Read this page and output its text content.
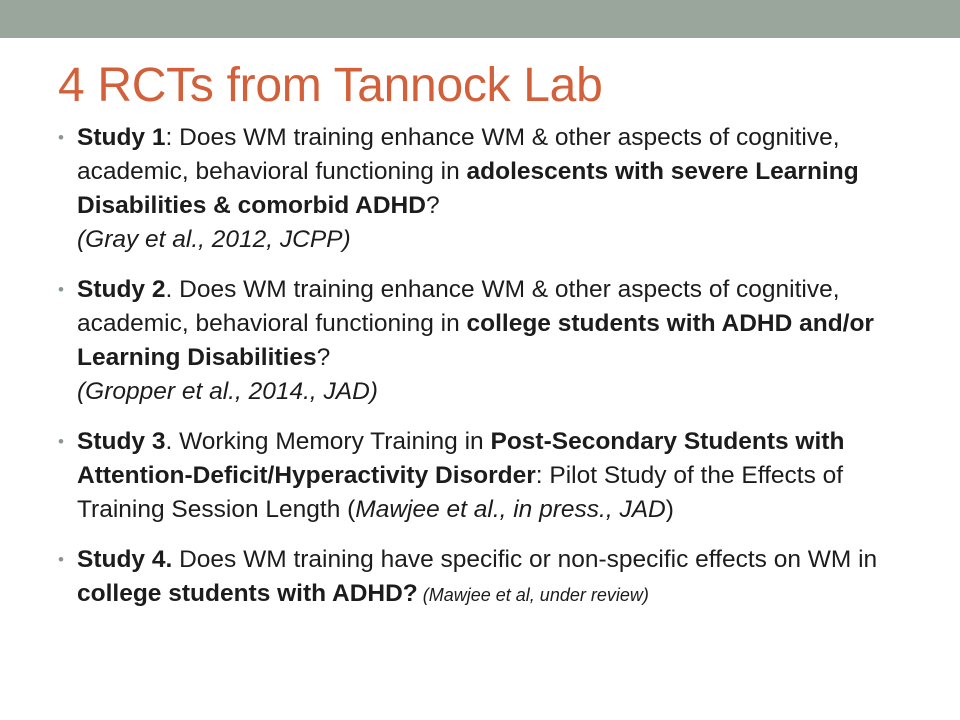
4 RCTs from Tannock Lab
• Study 1: Does WM training enhance WM & other aspects of cognitive, academic, behavioral functioning in adolescents with severe Learning Disabilities & comorbid ADHD?
(Gray et al., 2012, JCPP)
• Study 2. Does WM training enhance WM & other aspects of cognitive, academic, behavioral functioning in college students with ADHD and/or Learning Disabilities?
(Gropper et al., 2014., JAD)
• Study 3. Working Memory Training in Post-Secondary Students with Attention-Deficit/Hyperactivity Disorder: Pilot Study of the Effects of Training Session Length (Mawjee et al., in press., JAD)
• Study 4. Does WM training have specific or non-specific effects on WM in college students with ADHD? (Mawjee et al, under review)
